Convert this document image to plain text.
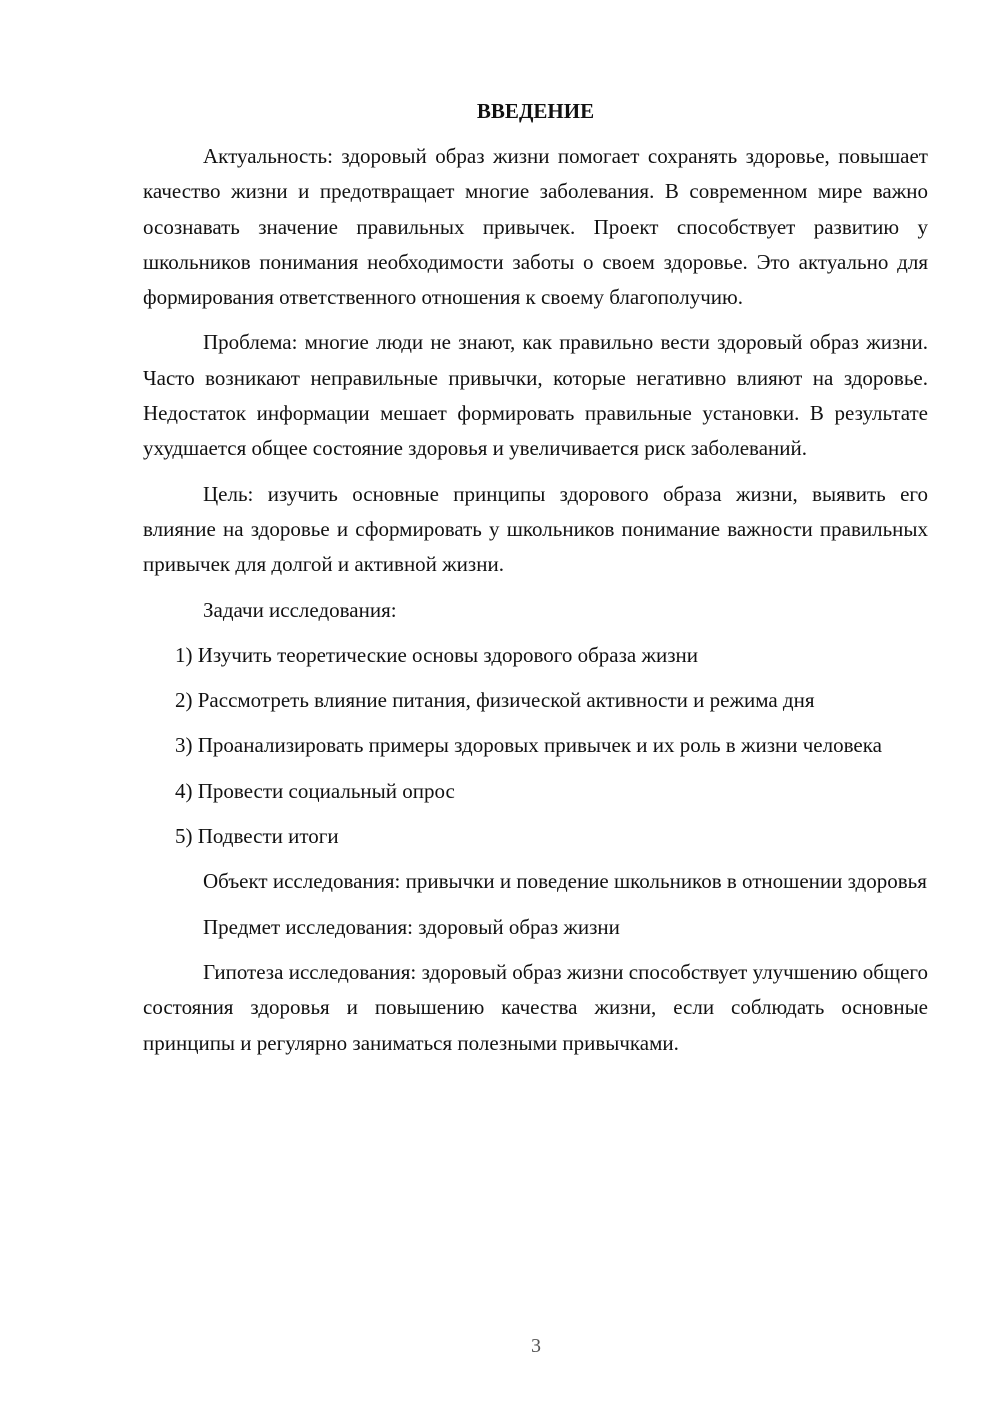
ВВЕДЕНИЕ

Актуальность: здоровый образ жизни помогает сохранять здоровье, повышает качество жизни и предотвращает многие заболевания. В современном мире важно осознавать значение правильных привычек. Проект способствует развитию у школьников понимания необходимости заботы о своем здоровье. Это актуально для формирования ответственного отношения к своему благополучию.

Проблема: многие люди не знают, как правильно вести здоровый образ жизни. Часто возникают неправильные привычки, которые негативно влияют на здоровье. Недостаток информации мешает формировать правильные установки. В результате ухудшается общее состояние здоровья и увеличивается риск заболеваний.

Цель: изучить основные принципы здорового образа жизни, выявить его влияние на здоровье и сформировать у школьников понимание важности правильных привычек для долгой и активной жизни.

Задачи исследования:

1) Изучить теоретические основы здорового образа жизни

2) Рассмотреть влияние питания, физической активности и режима дня

3) Проанализировать примеры здоровых привычек и их роль в жизни человека

4) Провести социальный опрос

5) Подвести итоги

Объект исследования: привычки и поведение школьников в отношении здоровья

Предмет исследования: здоровый образ жизни

Гипотеза исследования: здоровый образ жизни способствует улучшению общего состояния здоровья и повышению качества жизни, если соблюдать основные принципы и регулярно заниматься полезными привычками.

3
